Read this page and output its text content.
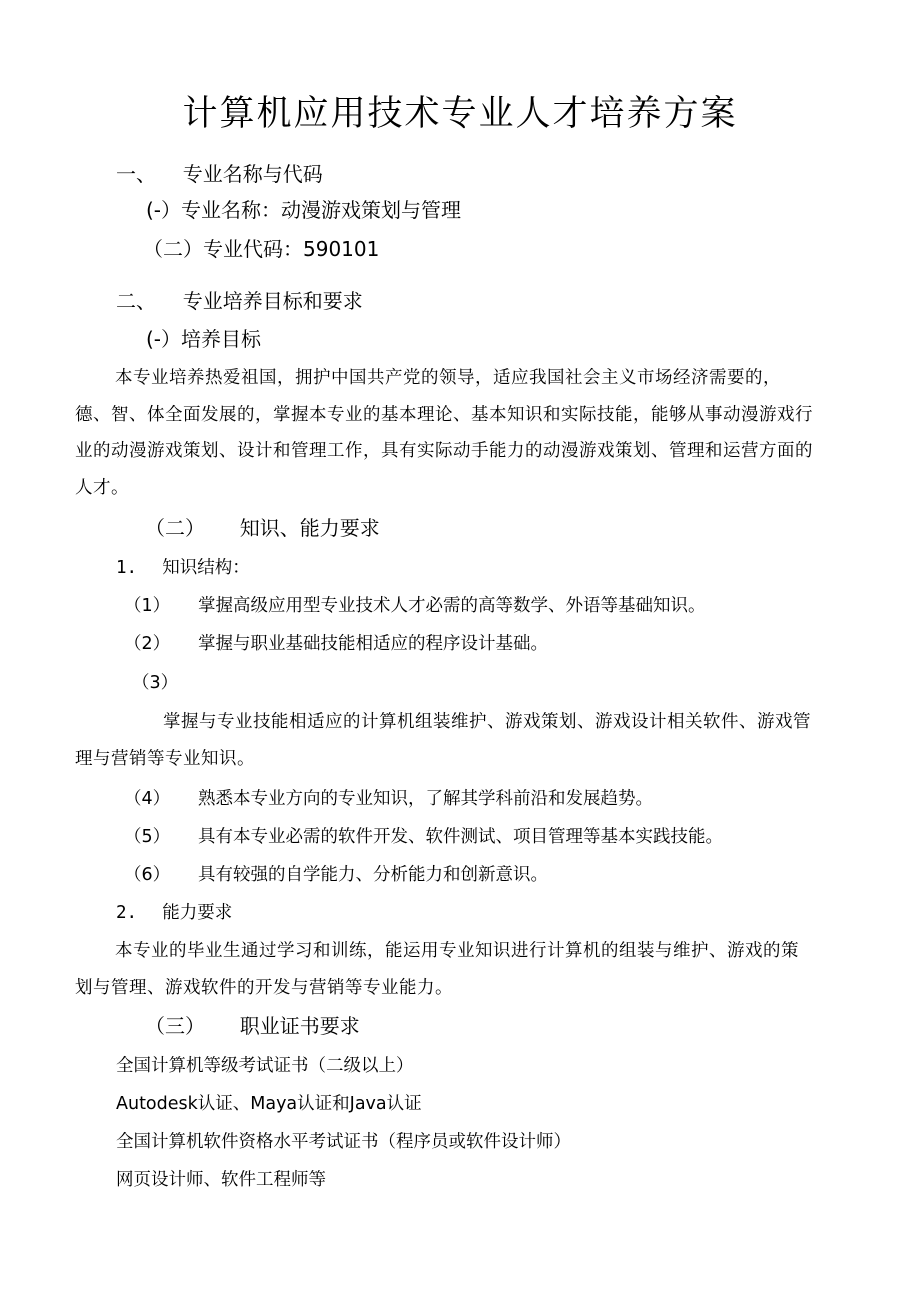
计算机应用技术专业人才培养方案
一、 专业名称与代码
(-）专业名称：动漫游戏策划与管理
（二）专业代码：590101
二、 专业培养目标和要求
(-）培养目标
本专业培养热爱祖国，拥护中国共产党的领导，适应我国社会主义市场经济需要的，德、智、体全面发展的，掌握本专业的基本理论、基本知识和实际技能，能够从事动漫游戏行业的动漫游戏策划、设计和管理工作，具有实际动手能力的动漫游戏策划、管理和运营方面的人才。
（二） 知识、能力要求
1. 知识结构：
（1） 掌握高级应用型专业技术人才必需的高等数学、外语等基础知识。
（2） 掌握与职业基础技能相适应的程序设计基础。
（3）
掌握与专业技能相适应的计算机组装维护、游戏策划、游戏设计相关软件、游戏管理与营销等专业知识。
（4） 熟悉本专业方向的专业知识，了解其学科前沿和发展趋势。
（5） 具有本专业必需的软件开发、软件测试、项目管理等基本实践技能。
（6） 具有较强的自学能力、分析能力和创新意识。
2. 能力要求
本专业的毕业生通过学习和训练，能运用专业知识进行计算机的组装与维护、游戏的策划与管理、游戏软件的开发与营销等专业能力。
（三） 职业证书要求
全国计算机等级考试证书（二级以上）
Autodesk认证、Maya认证和Java认证
全国计算机软件资格水平考试证书（程序员或软件设计师）
网页设计师、软件工程师等
